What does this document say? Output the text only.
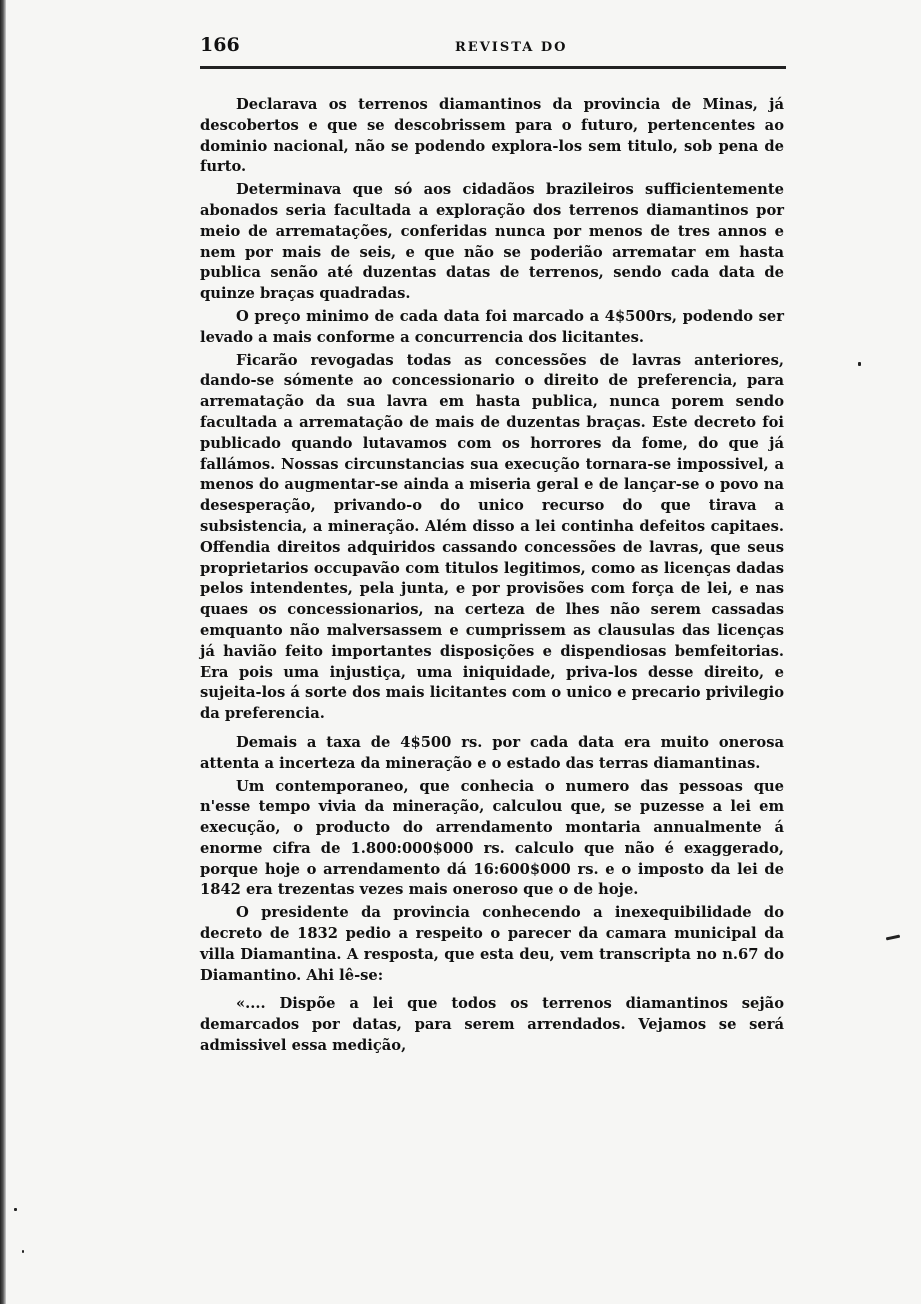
166	REVISTA DO

Declarava os terrenos diamantinos da provincia de Minas, já descobertos e que se descobrissem para o futuro, pertencentes ao dominio nacional, não se podendo explora-los sem titulo, sob pena de furto.

Determinava que só aos cidadãos brazileiros sufficientemente abonados seria facultada a exploração dos terrenos diamantinos por meio de arrematações, conferidas nunca por menos de tres annos e nem por mais de seis, e que não se poderião arrematar em hasta publica senão até duzentas datas de terrenos, sendo cada data de quinze braças quadradas.

O preço minimo de cada data foi marcado a 4$500rs, podendo ser levado a mais conforme a concurrencia dos licitantes.

Ficarão revogadas todas as concessões de lavras anteriores, dando-se sómente ao concessionario o direito de preferencia, para arrematação da sua lavra em hasta publica, nunca porem sendo facultada a arrematação de mais de duzentas braças. Este decreto foi publicado quando lutavamos com os horrores da fome, do que já fallámos. Nossas circunstancias sua execução tornara-se impossivel, a menos do augmentar-se ainda a miseria geral e de lançar-se o povo na desesperação, privando-o do unico recurso do que tirava a subsistencia, a mineração. Além disso a lei continha defeitos capitaes. Offendia direitos adquiridos cassando concessões de lavras, que seus proprietarios occupavão com titulos legitimos, como as licenças dadas pelos intendentes, pela junta, e por provisões com força de lei, e nas quaes os concessionarios, na certeza de lhes não serem cassadas emquanto não malversassem e cumprissem as clausulas das licenças já havião feito importantes disposições e dispendiosas bemfeitorias. Era pois uma injustiça, uma iniquidade, priva-los desse direito, e sujeita-los á sorte dos mais licitantes com o unico e precario privilegio da preferencia.

Demais a taxa de 4$500 rs. por cada data era muito onerosa attenta a incerteza da mineração e o estado das terras diamantinas.

Um contemporaneo, que conhecia o numero das pessoas que n'esse tempo vivia da mineração, calculou que, se puzesse a lei em execução, o producto do arrendamento montaria annualmente á enorme cifra de 1.800:000$000 rs. calculo que não é exaggerado, porque hoje o arrendamento dá 16:600$000 rs. e o imposto da lei de 1842 era trezentas vezes mais oneroso que o de hoje.

O presidente da provincia conhecendo a inexequibilidade do decreto de 1832 pedio a respeito o parecer da camara municipal da villa Diamantina. A resposta, que esta deu, vem transcripta no n.67 do Diamantino. Ahi lê-se:

«.... Dispõe a lei que todos os terrenos diamantinos sejão demarcados por datas, para serem arrendados. Vejamos se será admissivel essa medição,
